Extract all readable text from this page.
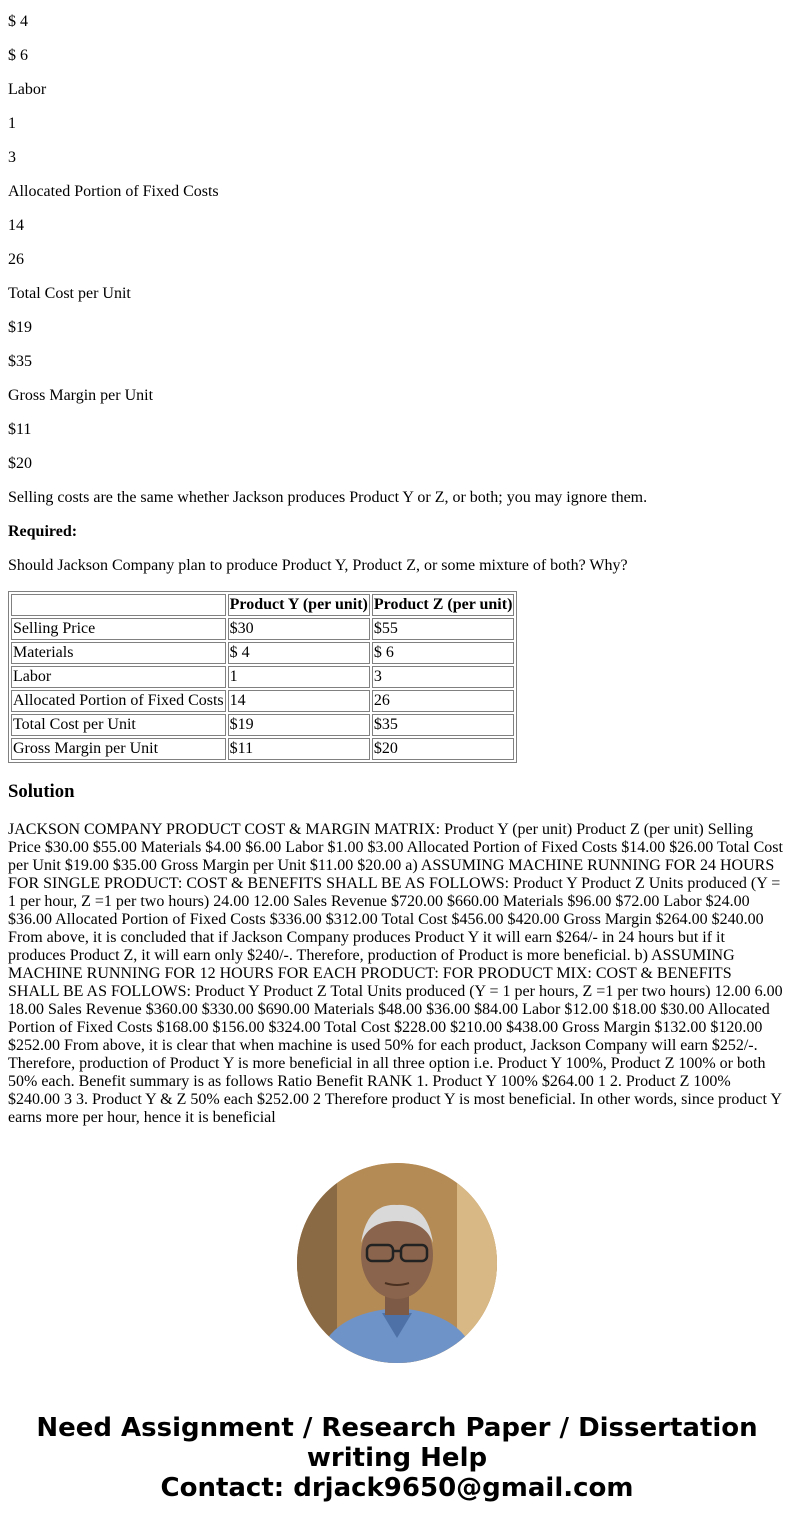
$ 4

$ 6

Labor

1

3

Allocated Portion of Fixed Costs

14

26

Total Cost per Unit

$19

$35

Gross Margin per Unit

$11

$20

Selling costs are the same whether Jackson produces Product Y or Z, or both; you may ignore them.

Required:

Should Jackson Company plan to produce Product Y, Product Z, or some mixture of both? Why?

	Product Y (per unit)	Product Z (per unit)
Selling Price	$30	$55
Materials	$ 4	$ 6
Labor	1	3
Allocated Portion of Fixed Costs	14	26
Total Cost per Unit	$19	$35
Gross Margin per Unit	$11	$20
Solution

JACKSON COMPANY PRODUCT COST & MARGIN MATRIX: Product Y (per unit) Product Z (per unit) Selling Price $30.00 $55.00 Materials $4.00 $6.00 Labor $1.00 $3.00 Allocated Portion of Fixed Costs $14.00 $26.00 Total Cost per Unit $19.00 $35.00 Gross Margin per Unit $11.00 $20.00 a) ASSUMING MACHINE RUNNING FOR 24 HOURS FOR SINGLE PRODUCT: COST & BENEFITS SHALL BE AS FOLLOWS: Product Y Product Z Units produced (Y = 1 per hour, Z =1 per two hours) 24.00 12.00 Sales Revenue $720.00 $660.00 Materials $96.00 $72.00 Labor $24.00 $36.00 Allocated Portion of Fixed Costs $336.00 $312.00 Total Cost $456.00 $420.00 Gross Margin $264.00 $240.00 From above, it is concluded that if Jackson Company produces Product Y it will earn $264/- in 24 hours but if it produces Product Z, it will earn only $240/-. Therefore, production of Product is more beneficial. b) ASSUMING MACHINE RUNNING FOR 12 HOURS FOR EACH PRODUCT: FOR PRODUCT MIX: COST & BENEFITS SHALL BE AS FOLLOWS: Product Y Product Z Total Units produced (Y = 1 per hours, Z =1 per two hours) 12.00 6.00 18.00 Sales Revenue $360.00 $330.00 $690.00 Materials $48.00 $36.00 $84.00 Labor $12.00 $18.00 $30.00 Allocated Portion of Fixed Costs $168.00 $156.00 $324.00 Total Cost $228.00 $210.00 $438.00 Gross Margin $132.00 $120.00 $252.00 From above, it is clear that when machine is used 50% for each product, Jackson Company will earn $252/-. Therefore, production of Product Y is more beneficial in all three option i.e. Product Y 100%, Product Z 100% or both 50% each. Benefit summary is as follows Ratio Benefit RANK 1. Product Y 100% $264.00 1 2. Product Z 100% $240.00 3 3. Product Y & Z 50% each $252.00 2 Therefore product Y is most beneficial. In other words, since product Y earns more per hour, hence it is beneficial

Need Assignment / Research Paper / Dissertation writing Help
Contact: drjack9650@gmail.com
